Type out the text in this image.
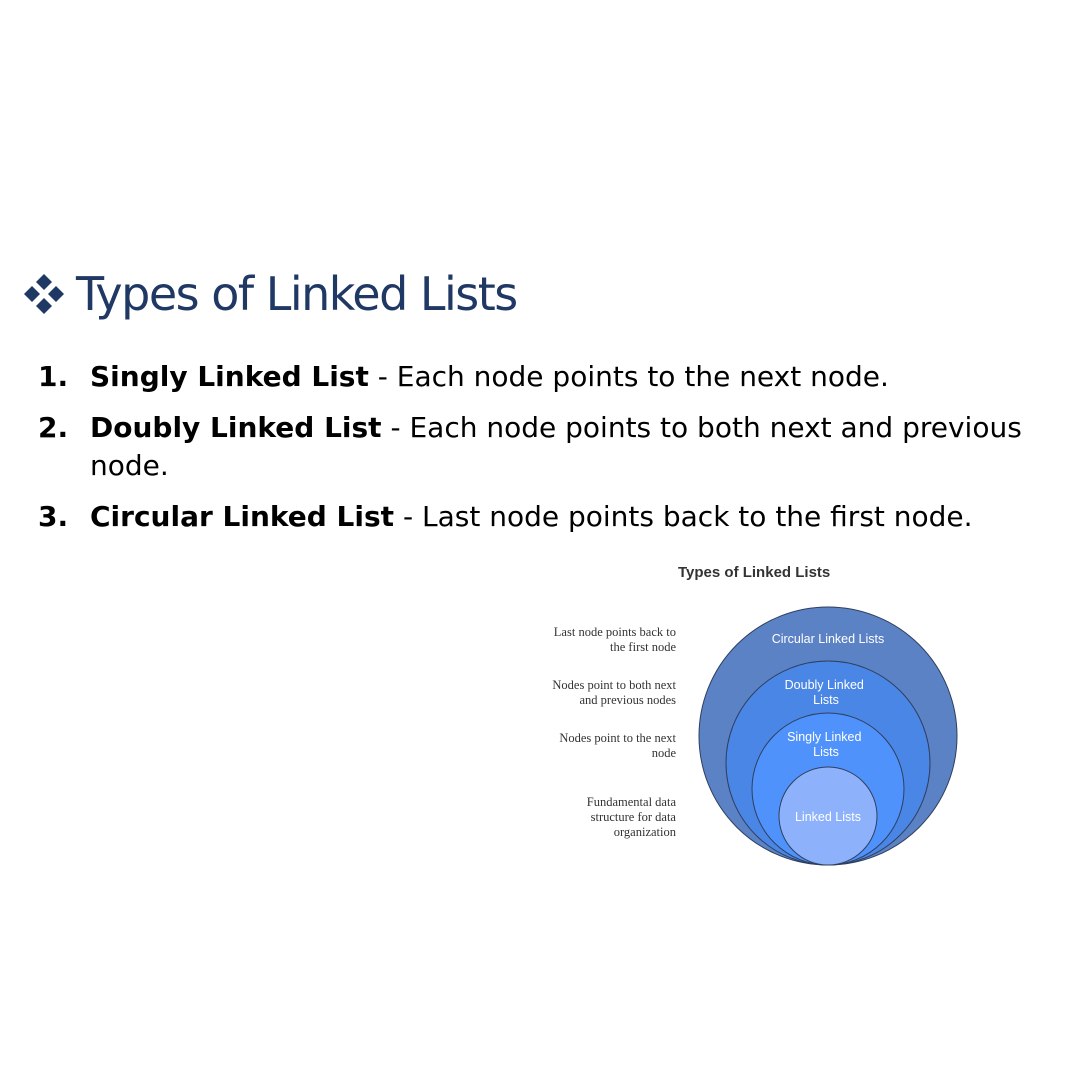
Types of Linked Lists
1. Singly Linked List - Each node points to the next node.
2. Doubly Linked List - Each node points to both next and previous node.
3. Circular Linked List - Last node points back to the first node.
Types of Linked Lists
Last node points back to
the first node
Nodes point to both next
and previous nodes
Nodes point to the next
node
Fundamental data
structure for data
organization
Circular Linked Lists
Doubly Linked Lists
Singly Linked Lists
Linked Lists
